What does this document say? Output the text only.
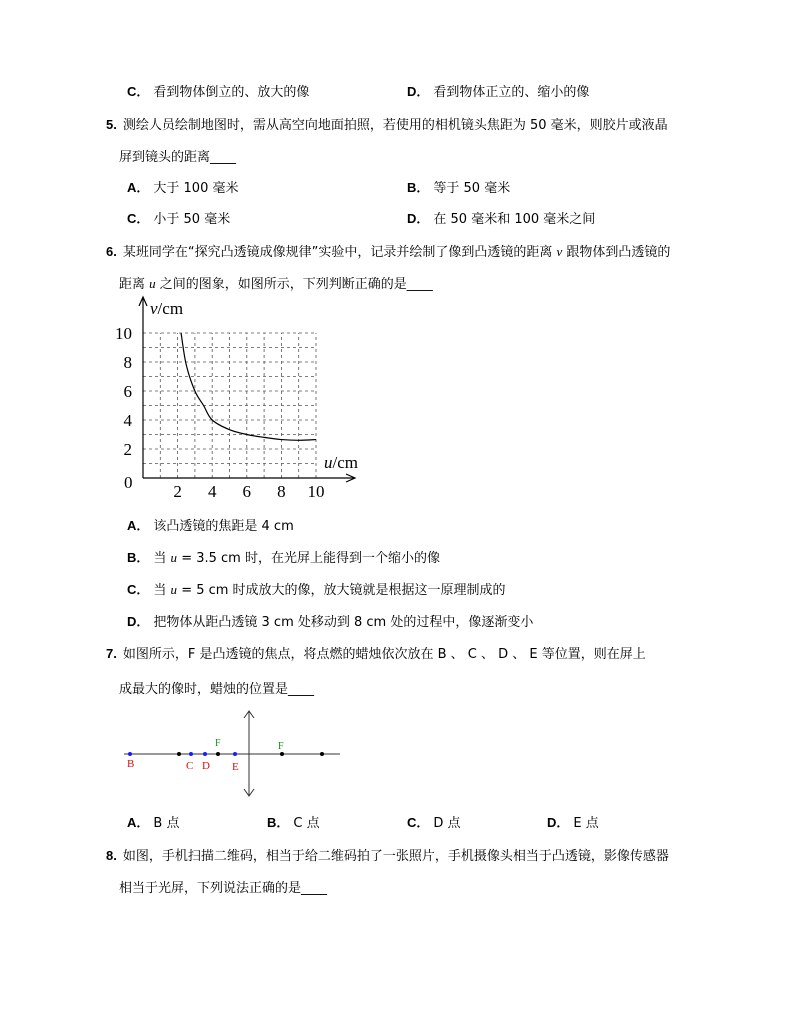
C． 看到物体倒立的、放大的像	D． 看到物体正立的、缩小的像
5. 测绘人员绘制地图时，需从高空向地面拍照，若使用的相机镜头焦距为 50 毫米，则胶片或液晶
屏到镜头的距离____
A． 大于 100 毫米	B． 等于 50 毫米
C． 小于 50 毫米	D． 在 50 毫米和 100 毫米之间
6. 某班同学在“探究凸透镜成像规律”实验中，记录并绘制了像到凸透镜的距离 v 跟物体到凸透镜的
距离 u 之间的图象，如图所示，下列判断正确的是____
2 4 6 8 10
2
4
6
8
10
v/cm
u/cm
0
A． 该凸透镜的焦距是 4 cm
B． 当 u = 3.5 cm 时，在光屏上能得到一个缩小的像
C． 当 u = 5 cm 时成放大的像，放大镜就是根据这一原理制成的
D． 把物体从距凸透镜 3 cm 处移动到 8 cm 处的过程中，像逐渐变小
7. 如图所示，F 是凸透镜的焦点，将点燃的蜡烛依次放在 B 、 C 、 D 、 E 等位置，则在屏上
成最大的像时，蜡烛的位置是____
B	C D E
F	F
A． B 点	B． C 点	C． D 点	D． E 点
8. 如图，手机扫描二维码，相当于给二维码拍了一张照片，手机摄像头相当于凸透镜，影像传感器
相当于光屏，下列说法正确的是____
